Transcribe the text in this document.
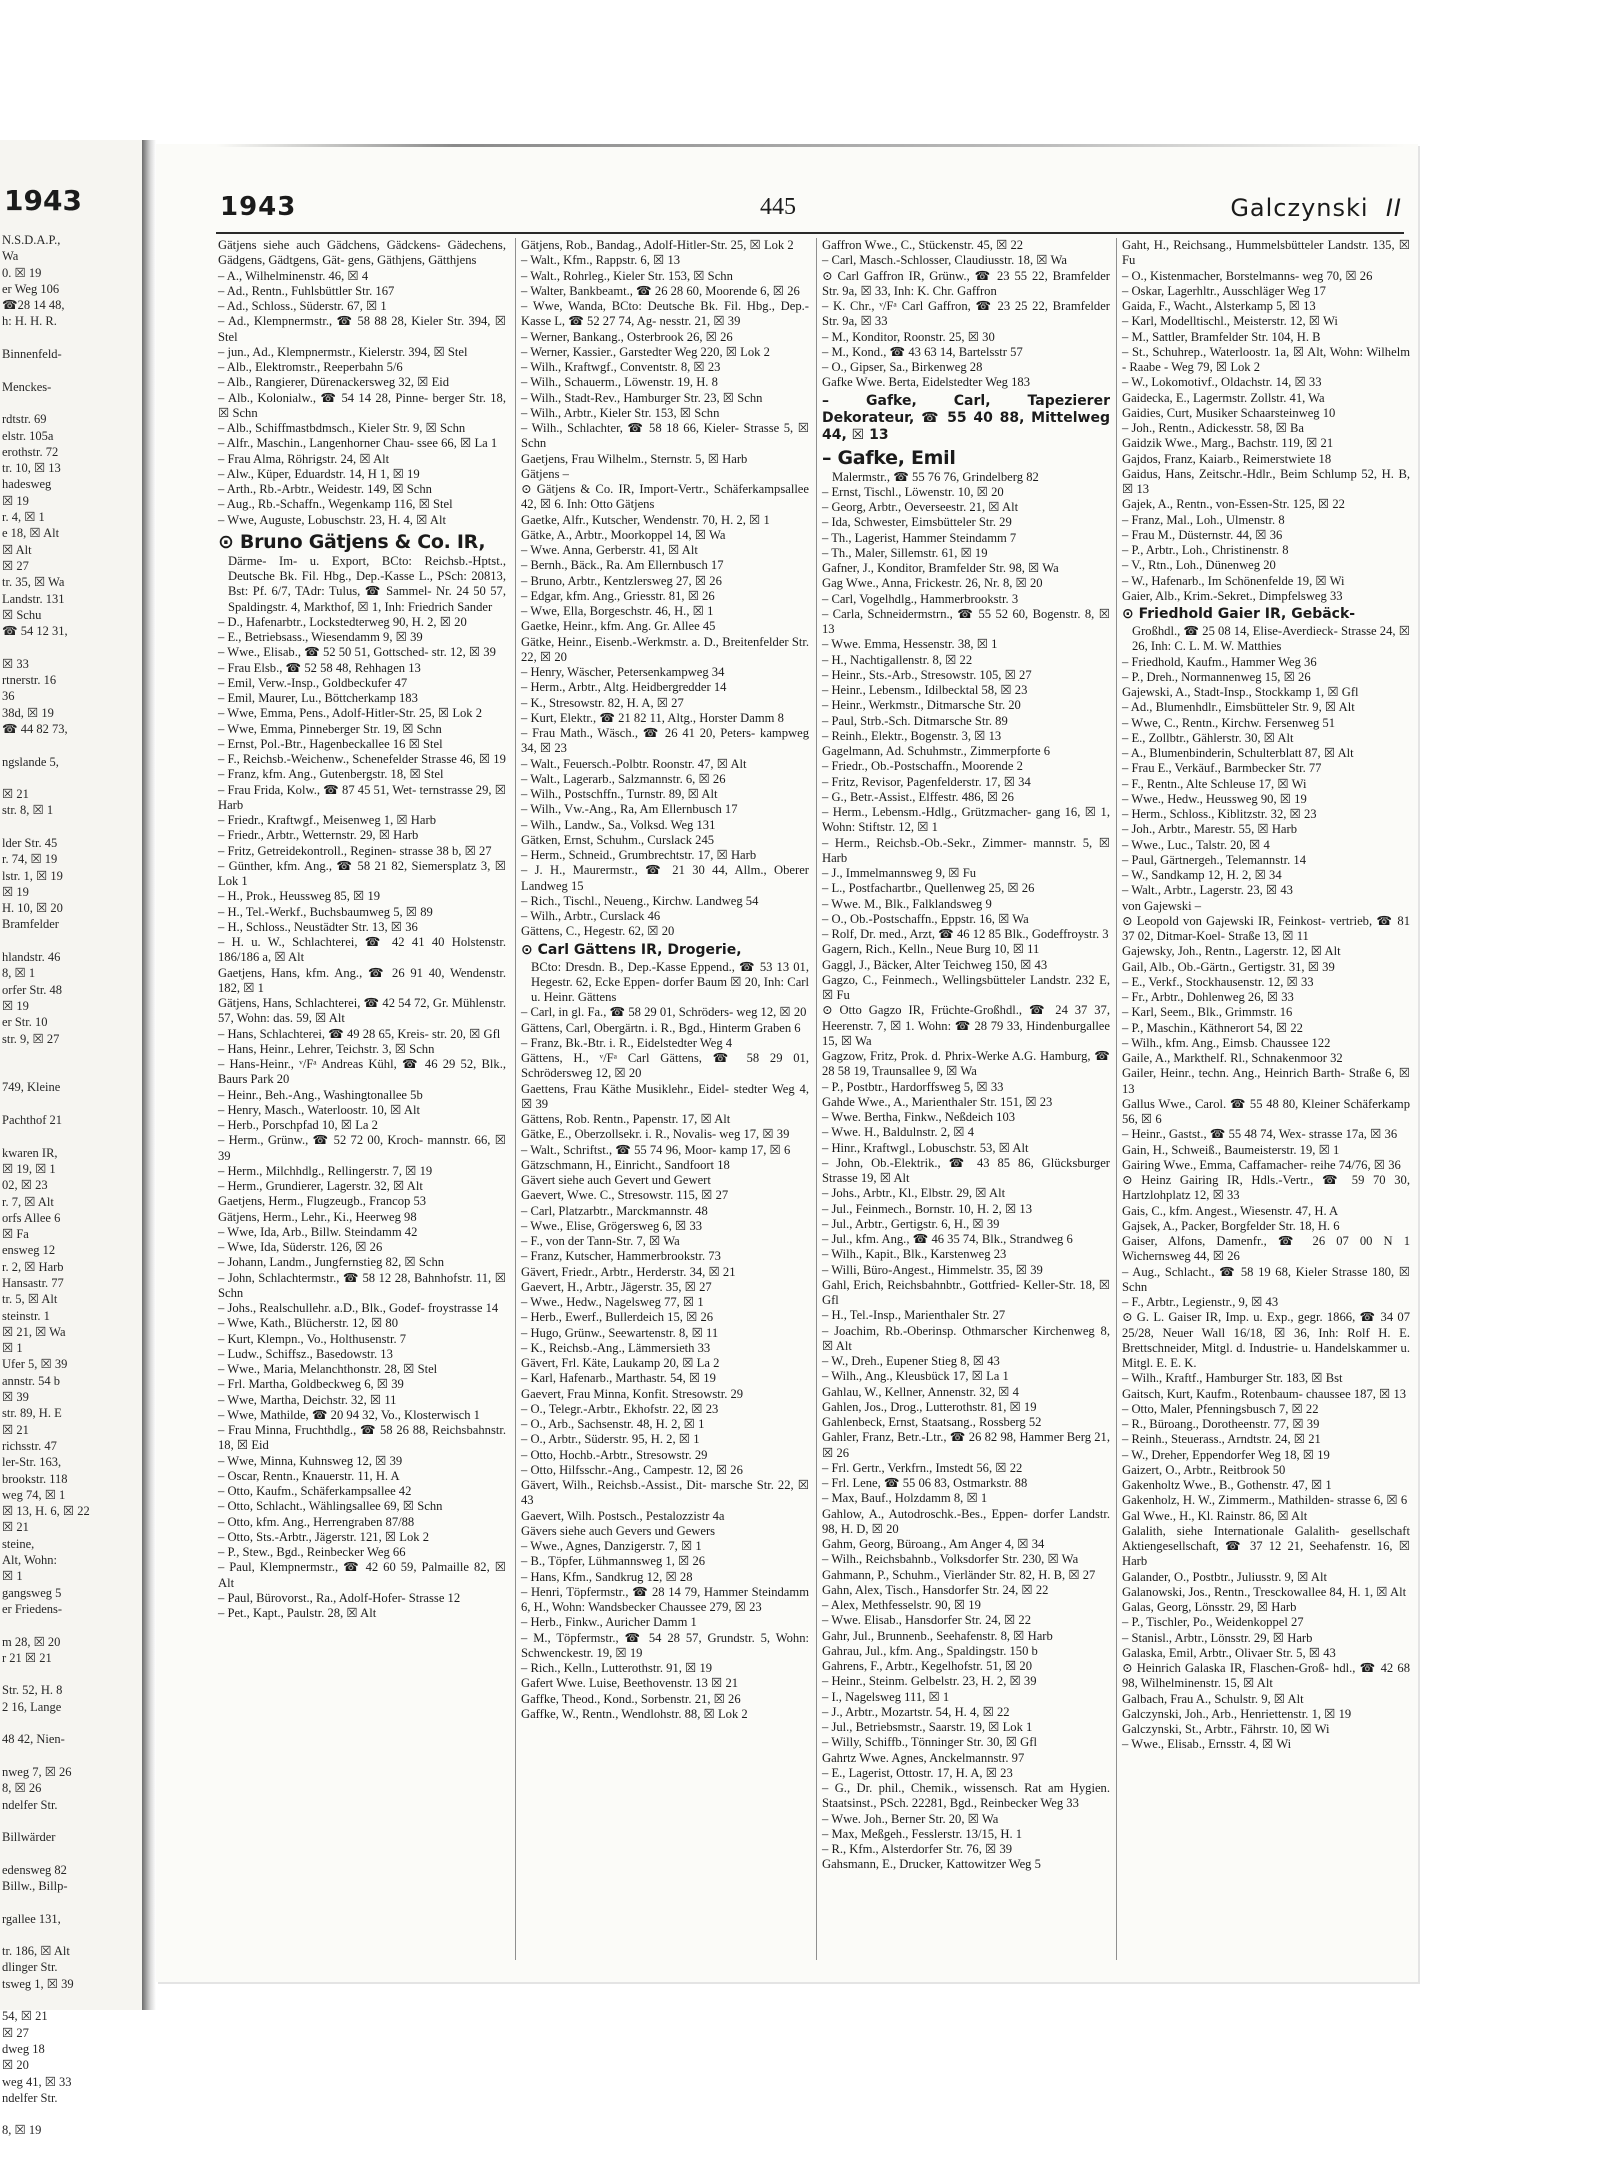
1943
N.S.D.A.P.,
Wa
0. ☒ 19
er Weg 106
☎28 14 48,
h: H. H. R.
Binnenfeld-
Menckes-
rdtstr. 69
elstr. 105a
erothstr. 72
tr. 10, ☒ 13
hadesweg
☒ 19
r. 4, ☒ 1
e 18, ☒ Alt
☒ Alt
☒ 27
tr. 35, ☒ Wa
Landstr. 131
☒ Schu
☎ 54 12 31,
☒ 33
rtnerstr. 16
36
38d, ☒ 19
☎ 44 82 73,
ngslande 5,
☒ 21
str. 8, ☒ 1
lder Str. 45
r. 74, ☒ 19
lstr. 1, ☒ 19
☒ 19
H. 10, ☒ 20
Bramfelder
hlandstr. 46
8, ☒ 1
orfer Str. 48
☒ 19
er Str. 10
str. 9, ☒ 27
749, Kleine
Pachthof 21
kwaren IR,
☒ 19, ☒ 1
02, ☒ 23
r. 7, ☒ Alt
orfs Allee 6
☒ Fa
ensweg 12
r. 2, ☒ Harb
Hansastr. 77
tr. 5, ☒ Alt
steinstr. 1
☒ 21, ☒ Wa
☒ 1
Ufer 5, ☒ 39
annstr. 54 b
☒ 39
str. 89, H. E
☒ 21
richsstr. 47
ler-Str. 163,
brookstr. 118
weg 74, ☒ 1
☒ 13, H. 6, ☒ 22
☒ 21
steine,
Alt, Wohn:
☒ 1
gangsweg 5
er Friedens-
m 28, ☒ 20
r 21 ☒ 21
Str. 52, H. 8
2 16, Lange
48 42, Nien-
nweg 7, ☒ 26
8, ☒ 26
ndelfer Str.
Billwärder
edensweg 82
Billw., Billp-
rgallee 131,
tr. 186, ☒ Alt
dlinger Str.
tsweg 1, ☒ 39
54, ☒ 21
☒ 27
dweg 18
☒ 20
weg 41, ☒ 33
ndelfer Str.
8, ☒ 19
1943	445	Galczynski II

Gätjens siehe auch Gädchens, Gädckens- Gädechens, Gädgens, Gädtgens, Gät- gens, Gäthjens, Gätthjens

– A., Wilhelminenstr. 46, ☒ 4

– Ad., Rentn., Fuhlsbüttler Str. 167

– Ad., Schloss., Süderstr. 67, ☒ 1

– Ad., Klempnermstr., ☎ 58 88 28, Kieler Str. 394, ☒ Stel

– jun., Ad., Klempnermstr., Kielerstr. 394, ☒ Stel

– Alb., Elektromstr., Reeperbahn 5/6

– Alb., Rangierer, Dürenackersweg 32, ☒ Eid

– Alb., Kolonialw., ☎ 54 14 28, Pinne- berger Str. 18, ☒ Schn

– Alb., Schiffmastbdmsch., Kieler Str. 9, ☒ Schn

– Alfr., Maschin., Langenhorner Chau- ssee 66, ☒ La 1

– Frau Alma, Röhrigstr. 24, ☒ Alt

– Alw., Küper, Eduardstr. 14, H 1, ☒ 19

– Arth., Rb.-Arbtr., Weidestr. 149, ☒ Schn

– Aug., Rb.-Schaffn., Wegenkamp 116, ☒ Stel

– Wwe, Auguste, Lobuschstr. 23, H. 4, ☒ Alt

⊙ Bruno Gätjens & Co. IR,

Därme- Im- u. Export, BCto: Reichsb.-Hptst., Deutsche Bk. Fil. Hbg., Dep.-Kasse L., PSch: 20813, Bst: Pf. 6/7, TAdr: Tulus, ☎ Sammel- Nr. 24 50 57, Spaldingstr. 4, Markthof, ☒ 1, Inh: Friedrich Sander

– D., Hafenarbtr., Lockstedterweg 90, H. 2, ☒ 20

– E., Betriebsass., Wiesendamm 9, ☒ 39

– Wwe., Elisab., ☎ 52 50 51, Gottsched- str. 12, ☒ 39

– Frau Elsb., ☎ 52 58 48, Rehhagen 13

– Emil, Verw.-Insp., Goldbeckufer 47

– Emil, Maurer, Lu., Böttcherkamp 183

– Wwe, Emma, Pens., Adolf-Hitler-Str. 25, ☒ Lok 2

– Wwe, Emma, Pinneberger Str. 19, ☒ Schn

– Ernst, Pol.-Btr., Hagenbeckallee 16 ☒ Stel

– F., Reichsb.-Weichenw., Schenefelder Strasse 46, ☒ 19

– Franz, kfm. Ang., Gutenbergstr. 18, ☒ Stel

– Frau Frida, Kolw., ☎ 87 45 51, Wet- ternstrasse 29, ☒ Harb

– Friedr., Kraftwgf., Meisenweg 1, ☒ Harb

– Friedr., Arbtr., Wetternstr. 29, ☒ Harb

– Fritz, Getreidekontroll., Reginen- strasse 38 b, ☒ 27

– Günther, kfm. Ang., ☎ 58 21 82, Siemersplatz 3, ☒ Lok 1

– H., Prok., Heussweg 85, ☒ 19

– H., Tel.-Werkf., Buchsbaumweg 5, ☒ 89

– H., Schloss., Neustädter Str. 13, ☒ 36

– H. u. W., Schlachterei, ☎ 42 41 40 Holstenstr. 186/186 a, ☒ Alt

Gaetjens, Hans, kfm. Ang., ☎ 26 91 40, Wendenstr. 182, ☒ 1

Gätjens, Hans, Schlachterei, ☎ 42 54 72, Gr. Mühlenstr. 57, Wohn: das. 59, ☒ Alt

– Hans, Schlachterei, ☎ 49 28 65, Kreis- str. 20, ☒ Gfl

– Hans, Heinr., Lehrer, Teichstr. 3, ☒ Schn

– Hans-Heinr., ᵛ/Fᵃ Andreas Kühl, ☎ 46 29 52, Blk., Baurs Park 20

– Heinr., Beh.-Ang., Washingtonallee 5b

– Henry, Masch., Waterloostr. 10, ☒ Alt

– Herb., Porschpfad 10, ☒ La 2

– Herm., Grünw., ☎ 52 72 00, Kroch- mannstr. 66, ☒ 39

– Herm., Milchhdlg., Rellingerstr. 7, ☒ 19

– Herm., Grundierer, Lagerstr. 32, ☒ Alt

Gaetjens, Herm., Flugzeugb., Francop 53

Gätjens, Herm., Lehr., Ki., Heerweg 98

– Wwe, Ida, Arb., Billw. Steindamm 42

– Wwe, Ida, Süderstr. 126, ☒ 26

– Johann, Landm., Jungfernstieg 82, ☒ Schn

– John, Schlachtermstr., ☎ 58 12 28, Bahnhofstr. 11, ☒ Schn

– Johs., Realschullehr. a.D., Blk., Godef- froystrasse 14

– Wwe, Kath., Blücherstr. 12, ☒ 80

– Kurt, Klempn., Vo., Holthusenstr. 7

– Ludw., Schiffsz., Basedowstr. 13

– Wwe., Maria, Melanchthonstr. 28, ☒ Stel

– Frl. Martha, Goldbeckweg 6, ☒ 39

– Wwe, Martha, Deichstr. 32, ☒ 11

– Wwe, Mathilde, ☎ 20 94 32, Vo., Klosterwisch 1

– Frau Minna, Fruchthdlg., ☎ 58 26 88, Reichsbahnstr. 18, ☒ Eid

– Wwe, Minna, Kuhnsweg 12, ☒ 39

– Oscar, Rentn., Knauerstr. 11, H. A

– Otto, Kaufm., Schäferkampsallee 42

– Otto, Schlacht., Wählingsallee 69, ☒ Schn

– Otto, kfm. Ang., Herrengraben 87/88

– Otto, Sts.-Arbtr., Jägerstr. 121, ☒ Lok 2

– P., Stew., Bgd., Reinbecker Weg 66

– Paul, Klempnermstr., ☎ 42 60 59, Palmaille 82, ☒ Alt

– Paul, Bürovorst., Ra., Adolf-Hofer- Strasse 12

– Pet., Kapt., Paulstr. 28, ☒ Alt

Gätjens, Rob., Bandag., Adolf-Hitler-Str. 25, ☒ Lok 2

– Walt., Kfm., Rappstr. 6, ☒ 13

– Walt., Rohrleg., Kieler Str. 153, ☒ Schn

– Walter, Bankbeamt., ☎ 26 28 60, Moorende 6, ☒ 26

– Wwe, Wanda, BCto: Deutsche Bk. Fil. Hbg., Dep.-Kasse L, ☎ 52 27 74, Ag- nesstr. 21, ☒ 39

– Werner, Bankang., Osterbrook 26, ☒ 26

– Werner, Kassier., Garstedter Weg 220, ☒ Lok 2

– Wilh., Kraftwgf., Conventstr. 8, ☒ 23

– Wilh., Schauerm., Löwenstr. 19, H. 8

– Wilh., Stadt-Rev., Hamburger Str. 23, ☒ Schn

– Wilh., Arbtr., Kieler Str. 153, ☒ Schn

– Wilh., Schlachter, ☎ 58 18 66, Kieler- Strasse 5, ☒ Schn

Gaetjens, Frau Wilhelm., Sternstr. 5, ☒ Harb

Gätjens –

⊙ Gätjens & Co. IR, Import-Vertr., Schäferkampsallee 42, ☒ 6. Inh: Otto Gätjens

Gaetke, Alfr., Kutscher, Wendenstr. 70, H. 2, ☒ 1

Gätke, A., Arbtr., Moorkoppel 14, ☒ Wa

– Wwe. Anna, Gerberstr. 41, ☒ Alt

– Bernh., Bäck., Ra. Am Ellernbusch 17

– Bruno, Arbtr., Kentzlersweg 27, ☒ 26

– Edgar, kfm. Ang., Griesstr. 81, ☒ 26

– Wwe, Ella, Borgeschstr. 46, H., ☒ 1

Gaetke, Heinr., kfm. Ang. Gr. Allee 45

Gätke, Heinr., Eisenb.-Werkmstr. a. D., Breitenfelder Str. 22, ☒ 20

– Henry, Wäscher, Petersenkampweg 34

– Herm., Arbtr., Altg. Heidbergredder 14

– K., Stresowstr. 82, H. A, ☒ 27

– Kurt, Elektr., ☎ 21 82 11, Altg., Horster Damm 8

– Frau Math., Wäsch., ☎ 26 41 20, Peters- kampweg 34, ☒ 23

– Walt., Feuersch.-Polbtr. Roonstr. 47, ☒ Alt

– Walt., Lagerarb., Salzmannstr. 6, ☒ 26

– Wilh., Postschffn., Turnstr. 89, ☒ Alt

– Wilh., Vw.-Ang., Ra, Am Ellernbusch 17

– Wilh., Landw., Sa., Volksd. Weg 131

Gätken, Ernst, Schuhm., Curslack 245

– Herm., Schneid., Grumbrechtstr. 17, ☒ Harb

– J. H., Maurermstr., ☎ 21 30 44, Allm., Oberer Landweg 15

– Rich., Tischl., Neueng., Kirchw. Landweg 54

– Wilh., Arbtr., Curslack 46

Gättens, C., Hegestr. 62, ☒ 20

⊙ Carl Gättens IR, Drogerie,

BCto: Dresdn. B., Dep.-Kasse Eppend., ☎ 53 13 01, Hegestr. 62, Ecke Eppen- dorfer Baum ☒ 20, Inh: Carl u. Heinr. Gättens

– Carl, in gl. Fa., ☎ 58 29 01, Schröders- weg 12, ☒ 20

Gättens, Carl, Obergärtn. i. R., Bgd., Hinterm Graben 6

– Franz, Bk.-Btr. i. R., Eidelstedter Weg 4

Gättens, H., ᵛ/Fᵃ Carl Gättens, ☎ 58 29 01, Schrödersweg 12, ☒ 20

Gaettens, Frau Käthe Musiklehr., Eidel- stedter Weg 4, ☒ 39

Gättens, Rob. Rentn., Papenstr. 17, ☒ Alt

Gätke, E., Oberzollsekr. i. R., Novalis- weg 17, ☒ 39

– Walt., Schriftst., ☎ 55 74 96, Moor- kamp 17, ☒ 6

Gätzschmann, H., Einricht., Sandfoort 18

Gävert siehe auch Gevert und Gewert

Gaevert, Wwe. C., Stresowstr. 115, ☒ 27

– Carl, Platzarbtr., Marckmannstr. 48

– Wwe., Elise, Grögersweg 6, ☒ 33

– F., von der Tann-Str. 7, ☒ Wa

– Franz, Kutscher, Hammerbrookstr. 73

Gävert, Friedr., Arbtr., Herderstr. 34, ☒ 21

Gaevert, H., Arbtr., Jägerstr. 35, ☒ 27

– Wwe., Hedw., Nagelsweg 77, ☒ 1

– Herb., Ewerf., Bullerdeich 15, ☒ 26

– Hugo, Grünw., Seewartenstr. 8, ☒ 11

– K., Reichsb.-Ang., Lämmersieth 33

Gävert, Frl. Käte, Laukamp 20, ☒ La 2

– Karl, Hafenarb., Marthastr. 54, ☒ 19

Gaevert, Frau Minna, Konfit. Stresowstr. 29

– O., Telegr.-Arbtr., Ekhofstr. 22, ☒ 23

– O., Arb., Sachsenstr. 48, H. 2, ☒ 1

– O., Arbtr., Süderstr. 95, H. 2, ☒ 1

– Otto, Hochb.-Arbtr., Stresowstr. 29

– Otto, Hilfsschr.-Ang., Campestr. 12, ☒ 26

Gävert, Wilh., Reichsb.-Assist., Dit- marsche Str. 22, ☒ 43

Gaevert, Wilh. Postsch., Pestalozzistr 4a

Gävers siehe auch Gevers und Gewers

– Wwe., Agnes, Danzigerstr. 7, ☒ 1

– B., Töpfer, Lühmannsweg 1, ☒ 26

– Hans, Kfm., Sandkrug 12, ☒ 28

– Henri, Töpfermstr., ☎ 28 14 79, Hammer Steindamm 6, H., Wohn: Wandsbecker Chaussee 279, ☒ 23

– Herb., Finkw., Auricher Damm 1

– M., Töpfermstr., ☎ 54 28 57, Grundstr. 5, Wohn: Schwenckestr. 19, ☒ 19

– Rich., Kelln., Lutterothstr. 91, ☒ 19

Gafert Wwe. Luise, Beethovenstr. 13 ☒ 21

Gaffke, Theod., Kond., Sorbenstr. 21, ☒ 26

Gaffke, W., Rentn., Wendlohstr. 88, ☒ Lok 2

Gaffron Wwe., C., Stückenstr. 45, ☒ 22

– Carl, Masch.-Schlosser, Claudiusstr. 18, ☒ Wa

⊙ Carl Gaffron IR, Grünw., ☎ 23 55 22, Bramfelder Str. 9a, ☒ 33, Inh: K. Chr. Gaffron

– K. Chr., ᵛ/Fᵃ Carl Gaffron, ☎ 23 25 22, Bramfelder Str. 9a, ☒ 33

– M., Konditor, Roonstr. 25, ☒ 30

– M., Kond., ☎ 43 63 14, Bartelsstr 57

– O., Gipser, Sa., Birkenweg 28

Gafke Wwe. Berta, Eidelstedter Weg 183

– Gafke, Carl, Tapezierer Dekorateur, ☎ 55 40 88, Mittelweg 44, ☒ 13

– Gafke, Emil

Malermstr., ☎ 55 76 76, Grindelberg 82

– Ernst, Tischl., Löwenstr. 10, ☒ 20

– Georg, Arbtr., Oeverseestr. 21, ☒ Alt

– Ida, Schwester, Eimsbütteler Str. 29

– Th., Lagerist, Hammer Steindamm 7

– Th., Maler, Sillemstr. 61, ☒ 19

Gafner, J., Konditor, Bramfelder Str. 98, ☒ Wa

Gag Wwe., Anna, Frickestr. 26, Nr. 8, ☒ 20

– Carl, Vogelhdlg., Hammerbrookstr. 3

– Carla, Schneidermstrn., ☎ 55 52 60, Bogenstr. 8, ☒ 13

– Wwe. Emma, Hessenstr. 38, ☒ 1

– H., Nachtigallenstr. 8, ☒ 22

– Heinr., Sts.-Arb., Stresowstr. 105, ☒ 27

– Heinr., Lebensm., Idilbecktal 58, ☒ 23

– Heinr., Werkmstr., Ditmarsche Str. 20

– Paul, Strb.-Sch. Ditmarsche Str. 89

– Reinh., Elektr., Bogenstr. 3, ☒ 13

Gagelmann, Ad. Schuhmstr., Zimmerpforte 6

– Friedr., Ob.-Postschaffn., Moorende 2

– Fritz, Revisor, Pagenfelderstr. 17, ☒ 34

– G., Betr.-Assist., Elffestr. 486, ☒ 26

– Herm., Lebensm.-Hdlg., Grützmacher- gang 16, ☒ 1, Wohn: Stiftstr. 12, ☒ 1

– Herm., Reichsb.-Ob.-Sekr., Zimmer- mannstr. 5, ☒ Harb

– J., Immelmannsweg 9, ☒ Fu

– L., Postfachartbr., Quellenweg 25, ☒ 26

– Wwe. M., Blk., Falklandsweg 9

– O., Ob.-Postschaffn., Eppstr. 16, ☒ Wa

– Rolf, Dr. med., Arzt, ☎ 46 12 85 Blk., Godeffroystr. 3

Gagern, Rich., Kelln., Neue Burg 10, ☒ 11

Gaggl, J., Bäcker, Alter Teichweg 150, ☒ 43

Gagzo, C., Feinmech., Wellingsbütteler Landstr. 232 E, ☒ Fu

⊙ Otto Gagzo IR, Früchte-Großhdl., ☎ 24 37 37, Heerenstr. 7, ☒ 1. Wohn: ☎ 28 79 33, Hindenburgallee 15, ☒ Wa

Gagzow, Fritz, Prok. d. Phrix-Werke A.G. Hamburg, ☎ 28 58 19, Traunsallee 9, ☒ Wa

– P., Postbtr., Hardorffsweg 5, ☒ 33

Gahde Wwe., A., Marienthaler Str. 151, ☒ 23

– Wwe. Bertha, Finkw., Neßdeich 103

– Wwe. H., Baldulnstr. 2, ☒ 4

– Hinr., Kraftwgl., Lobuschstr. 53, ☒ Alt

– John, Ob.-Elektrik., ☎ 43 85 86, Glücksburger Strasse 19, ☒ Alt

– Johs., Arbtr., Kl., Elbstr. 29, ☒ Alt

– Jul., Feinmech., Bornstr. 10, H. 2, ☒ 13

– Jul., Arbtr., Gertigstr. 6, H., ☒ 39

– Jul., kfm. Ang., ☎ 46 35 74, Blk., Strandweg 6

– Wilh., Kapit., Blk., Karstenweg 23

– Willi, Büro-Angest., Himmelstr. 35, ☒ 39

Gahl, Erich, Reichsbahnbtr., Gottfried- Keller-Str. 18, ☒ Gfl

– H., Tel.-Insp., Marienthaler Str. 27

– Joachim, Rb.-Oberinsp. Othmarscher Kirchenweg 8, ☒ Alt

– W., Dreh., Eupener Stieg 8, ☒ 43

– Wilh., Ang., Kleusbück 17, ☒ La 1

Gahlau, W., Kellner, Annenstr. 32, ☒ 4

Gahlen, Jos., Drog., Lutterothstr. 81, ☒ 19

Gahlenbeck, Ernst, Staatsang., Rossberg 52

Gahler, Franz, Betr.-Ltr., ☎ 26 82 98, Hammer Berg 21, ☒ 26

– Frl. Gertr., Verkfrn., Imstedt 56, ☒ 22

– Frl. Lene, ☎ 55 06 83, Ostmarkstr. 88

– Max, Bauf., Holzdamm 8, ☒ 1

Gahlow, A., Autodroschk.-Bes., Eppen- dorfer Landstr. 98, H. D, ☒ 20

Gahm, Georg, Büroang., Am Anger 4, ☒ 34

– Wilh., Reichsbahnb., Volksdorfer Str. 230, ☒ Wa

Gahmann, P., Schuhm., Vierländer Str. 82, H. B, ☒ 27

Gahn, Alex, Tisch., Hansdorfer Str. 24, ☒ 22

– Alex, Methfesselstr. 90, ☒ 19

– Wwe. Elisab., Hansdorfer Str. 24, ☒ 22

Gahr, Jul., Brunnenb., Seehafenstr. 8, ☒ Harb

Gahrau, Jul., kfm. Ang., Spaldingstr. 150 b

Gahrens, F., Arbtr., Kegelhofstr. 51, ☒ 20

– Heinr., Steinm. Gelbelstr. 23, H. 2, ☒ 39

– I., Nagelsweg 111, ☒ 1

– J., Arbtr., Mozartstr. 54, H. 4, ☒ 22

– Jul., Betriebsmstr., Saarstr. 19, ☒ Lok 1

– Willy, Schiffb., Tönninger Str. 30, ☒ Gfl

Gahrtz Wwe. Agnes, Anckelmannstr. 97

– E., Lagerist, Ottostr. 17, H. A, ☒ 23

– G., Dr. phil., Chemik., wissensch. Rat am Hygien. Staatsinst., PSch. 22281, Bgd., Reinbecker Weg 33

– Wwe. Joh., Berner Str. 20, ☒ Wa

– Max, Meßgeh., Fesslerstr. 13/15, H. 1

– R., Kfm., Alsterdorfer Str. 76, ☒ 39

Gahsmann, E., Drucker, Kattowitzer Weg 5

Gaht, H., Reichsang., Hummelsbütteler Landstr. 135, ☒ Fu

– O., Kistenmacher, Borstelmanns- weg 70, ☒ 26

– Oskar, Lagerhltr., Ausschläger Weg 17

Gaida, F., Wacht., Alsterkamp 5, ☒ 13

– Karl, Modelltischl., Meisterstr. 12, ☒ Wi

– M., Sattler, Bramfelder Str. 104, H. B

– St., Schuhrep., Waterloostr. 1a, ☒ Alt, Wohn: Wilhelm - Raabe - Weg 79, ☒ Lok 2

– W., Lokomotivf., Oldachstr. 14, ☒ 33

Gaidecka, E., Lagermstr. Zollstr. 41, Wa

Gaidies, Curt, Musiker Schaarsteinweg 10

– Joh., Rentn., Adickesstr. 58, ☒ Ba

Gaidzik Wwe., Marg., Bachstr. 119, ☒ 21

Gajdos, Franz, Kaiarb., Reimerstwiete 18

Gaidus, Hans, Zeitschr.-Hdlr., Beim Schlump 52, H. B, ☒ 13

Gajek, A., Rentn., von-Essen-Str. 125, ☒ 22

– Franz, Mal., Loh., Ulmenstr. 8

– Frau M., Düsternstr. 44, ☒ 36

– P., Arbtr., Loh., Christinenstr. 8

– V., Rtn., Loh., Dünenweg 20

– W., Hafenarb., Im Schönenfelde 19, ☒ Wi

Gaier, Alb., Krim.-Sekret., Dimpfelsweg 33

⊙ Friedhold Gaier IR, Gebäck-

Großhdl., ☎ 25 08 14, Elise-Averdieck- Strasse 24, ☒ 26, Inh: C. L. M. W. Matthies

– Friedhold, Kaufm., Hammer Weg 36

– P., Dreh., Normannenweg 15, ☒ 26

Gajewski, A., Stadt-Insp., Stockkamp 1, ☒ Gfl

– Ad., Blumenhdlr., Eimsbütteler Str. 9, ☒ Alt

– Wwe, C., Rentn., Kirchw. Fersenweg 51

– E., Zollbtr., Gählerstr. 30, ☒ Alt

– A., Blumenbinderin, Schulterblatt 87, ☒ Alt

– Frau E., Verkäuf., Barmbecker Str. 77

– F., Rentn., Alte Schleuse 17, ☒ Wi

– Wwe., Hedw., Heussweg 90, ☒ 19

– Herm., Schloss., Kiblitzstr. 32, ☒ 23

– Joh., Arbtr., Marestr. 55, ☒ Harb

– Wwe., Luc., Talstr. 20, ☒ 4

– Paul, Gärtnergeh., Telemannstr. 14

– W., Sandkamp 12, H. 2, ☒ 34

– Walt., Arbtr., Lagerstr. 23, ☒ 43

von Gajewski –

⊙ Leopold von Gajewski IR, Feinkost- vertrieb, ☎ 81 37 02, Ditmar-Koel- Straße 13, ☒ 11

Gajewsky, Joh., Rentn., Lagerstr. 12, ☒ Alt

Gail, Alb., Ob.-Gärtn., Gertigstr. 31, ☒ 39

– E., Verkf., Stockhausenstr. 12, ☒ 33

– Fr., Arbtr., Dohlenweg 26, ☒ 33

– Karl, Seem., Blk., Grimmstr. 16

– P., Maschin., Käthnerort 54, ☒ 22

– Wilh., kfm. Ang., Eimsb. Chaussee 122

Gaile, A., Markthelf. Rl., Schnakenmoor 32

Gailer, Heinr., techn. Ang., Heinrich Barth- Straße 6, ☒ 13

Gallus Wwe., Carol. ☎ 55 48 80, Kleiner Schäferkamp 56, ☒ 6

– Heinr., Gastst., ☎ 55 48 74, Wex- strasse 17a, ☒ 36

Gain, H., Schweiß., Baumeisterstr. 19, ☒ 1

Gairing Wwe., Emma, Caffamacher- reihe 74/76, ☒ 36

⊙ Heinz Gairing IR, Hdls.-Vertr., ☎ 59 70 30, Hartzlohplatz 12, ☒ 33

Gais, C., kfm. Angest., Wiesenstr. 47, H. A

Gajsek, A., Packer, Borgfelder Str. 18, H. 6

Gaiser, Alfons, Damenfr., ☎ 26 07 00 N 1 Wichernsweg 44, ☒ 26

– Aug., Schlacht., ☎ 58 19 68, Kieler Strasse 180, ☒ Schn

– F., Arbtr., Legienstr., 9, ☒ 43

⊙ G. L. Gaiser IR, Imp. u. Exp., gegr. 1866, ☎ 34 07 25/28, Neuer Wall 16/18, ☒ 36, Inh: Rolf H. E. Brettschneider, Mitgl. d. Industrie- u. Handelskammer u. Mitgl. E. E. K.

– Wilh., Kraftf., Hamburger Str. 183, ☒ Bst

Gaitsch, Kurt, Kaufm., Rotenbaum- chaussee 187, ☒ 13

– Otto, Maler, Pfenningsbusch 7, ☒ 22

– R., Büroang., Dorotheenstr. 77, ☒ 39

– Reinh., Steuerass., Arndtstr. 24, ☒ 21

– W., Dreher, Eppendorfer Weg 18, ☒ 19

Gaizert, O., Arbtr., Reitbrook 50

Gakenholtz Wwe., B., Gothenstr. 47, ☒ 1

Gakenholz, H. W., Zimmerm., Mathilden- strasse 6, ☒ 6

Gal Wwe., H., Kl. Rainstr. 86, ☒ Alt

Galalith, siehe Internationale Galalith- gesellschaft Aktiengesellschaft, ☎ 37 12 21, Seehafenstr. 16, ☒ Harb

Galander, O., Postbtr., Juliusstr. 9, ☒ Alt

Galanowski, Jos., Rentn., Tresckowallee 84, H. 1, ☒ Alt

Galas, Georg, Lönsstr. 29, ☒ Harb

– P., Tischler, Po., Weidenkoppel 27

– Stanisl., Arbtr., Lönsstr. 29, ☒ Harb

Galaska, Emil, Arbtr., Olivaer Str. 5, ☒ 43

⊙ Heinrich Galaska IR, Flaschen-Groß- hdl., ☎ 42 68 98, Wilhelminenstr. 15, ☒ Alt

Galbach, Frau A., Schulstr. 9, ☒ Alt

Galczynski, Joh., Arb., Henriettenstr. 1, ☒ 19

Galczynski, St., Arbtr., Fährstr. 10, ☒ Wi

– Wwe., Elisab., Ernsstr. 4, ☒ Wi
